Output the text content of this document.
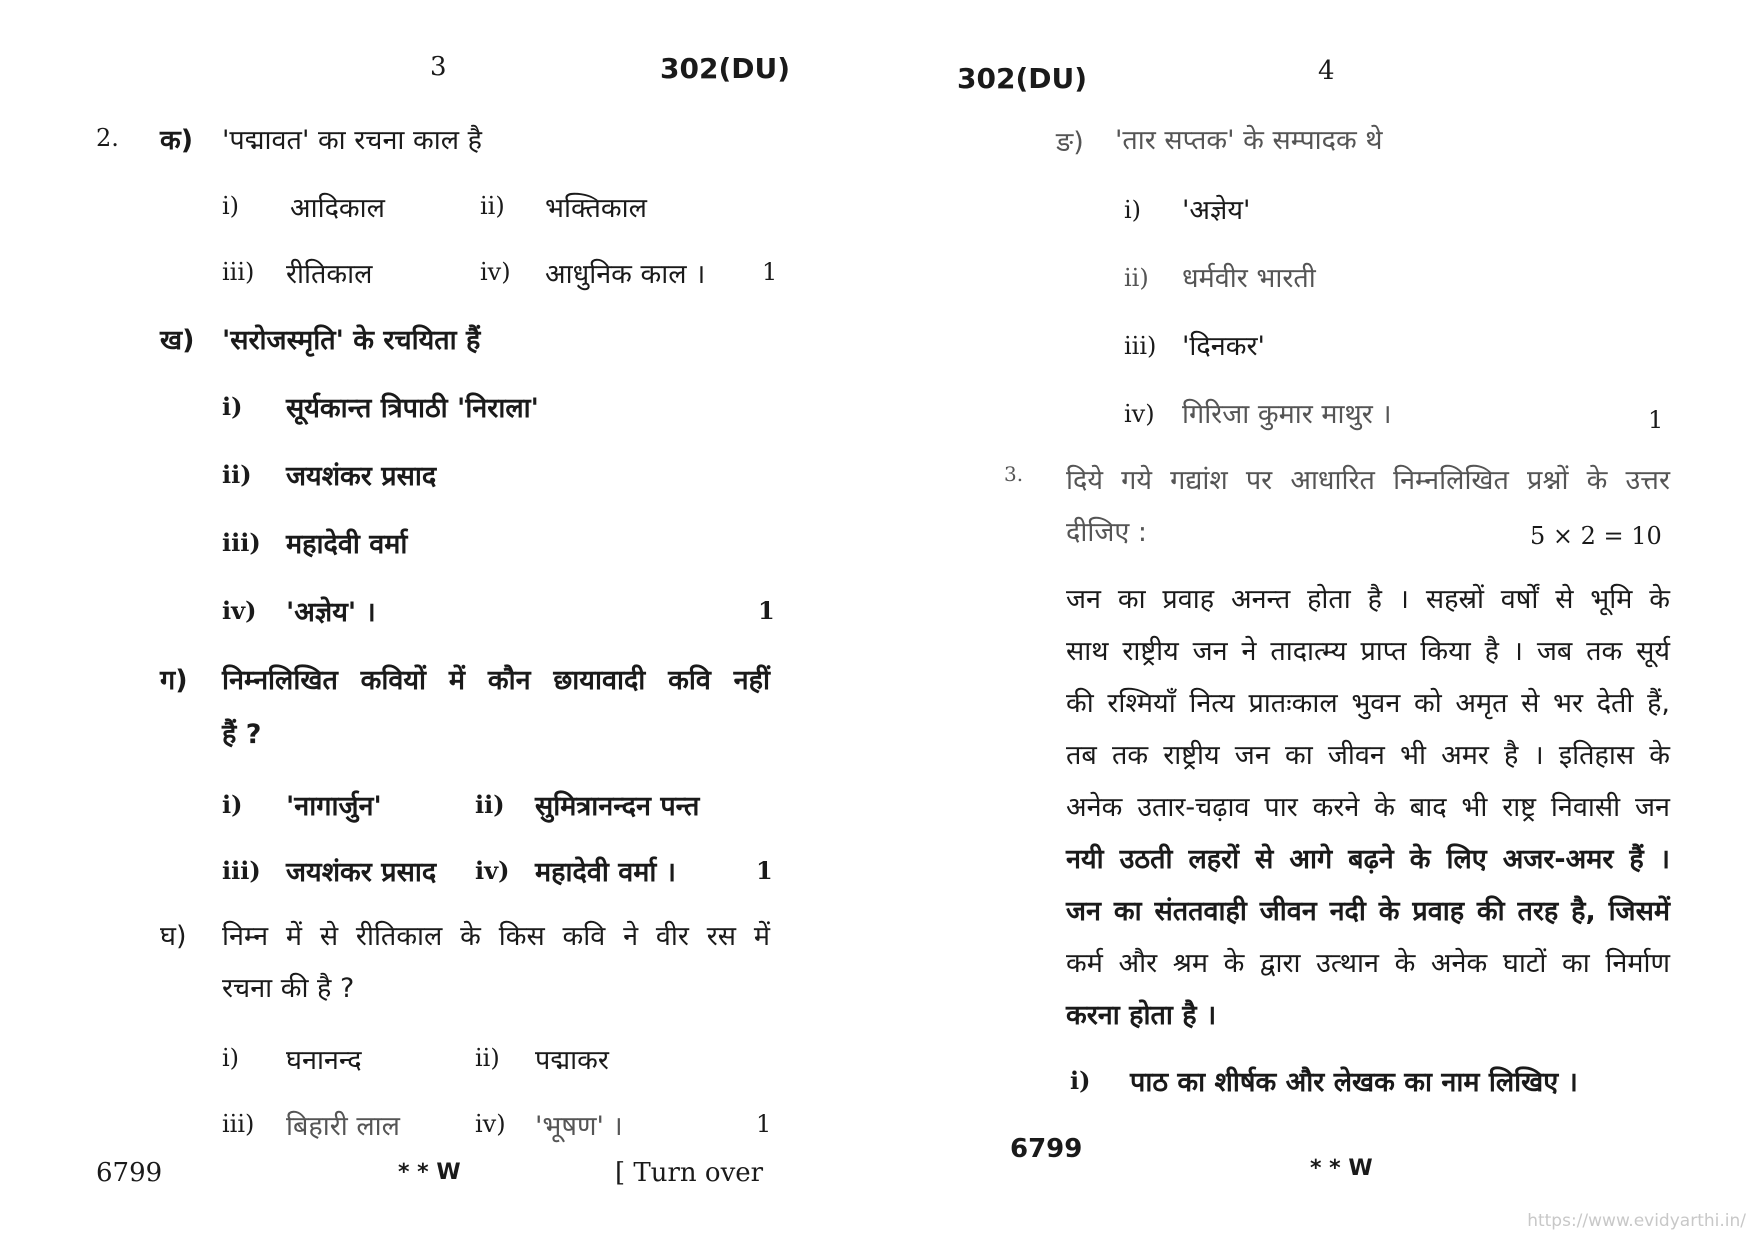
3	302(DU)
2. क) 'पद्मावत' का रचना काल है
i) आदिकाल	ii) भक्तिकाल
iii) रीतिकाल	iv) आधुनिक काल । 1
ख) 'सरोजस्मृति' के रचयिता हैं
i) सूर्यकान्त त्रिपाठी 'निराला'
ii) जयशंकर प्रसाद
iii) महादेवी वर्मा
iv) 'अज्ञेय' ।	1
ग) निम्नलिखित कवियों में कौन छायावादी कवि नहीं
हैं ?
i) 'नागार्जुन'	ii) सुमित्रानन्दन पन्त
iii) जयशंकर प्रसाद iv) महादेवी वर्मा ।	1
घ) निम्न में से रीतिकाल के किस कवि ने वीर रस में
रचना की है ?
i) घनानन्द	ii) पद्माकर
iii) बिहारी लाल	iv) 'भूषण' ।	1
6799	* * W	[ Turn over
302(DU)	4
ङ) 'तार सप्तक' के सम्पादक थे
i) 'अज्ञेय'
ii) धर्मवीर भारती
iii) 'दिनकर'
iv) गिरिजा कुमार माथुर ।	1
3. दिये गये गद्यांश पर आधारित निम्नलिखित प्रश्नों के उत्तर
दीजिए :	5 × 2 = 10
जन का प्रवाह अनन्त होता है । सहस्रों वर्षों से भूमि के
साथ राष्ट्रीय जन ने तादात्म्य प्राप्त किया है । जब तक सूर्य
की रश्मियाँ नित्य प्रातःकाल भुवन को अमृत से भर देती हैं,
तब तक राष्ट्रीय जन का जीवन भी अमर है । इतिहास के
अनेक उतार-चढ़ाव पार करने के बाद भी राष्ट्र निवासी जन
नयी उठती लहरों से आगे बढ़ने के लिए अजर-अमर हैं ।
जन का संततवाही जीवन नदी के प्रवाह की तरह है, जिसमें
कर्म और श्रम के द्वारा उत्थान के अनेक घाटों का निर्माण
करना होता है ।
i) पाठ का शीर्षक और लेखक का नाम लिखिए ।
6799
* * W
https://www.evidyarthi.in/
